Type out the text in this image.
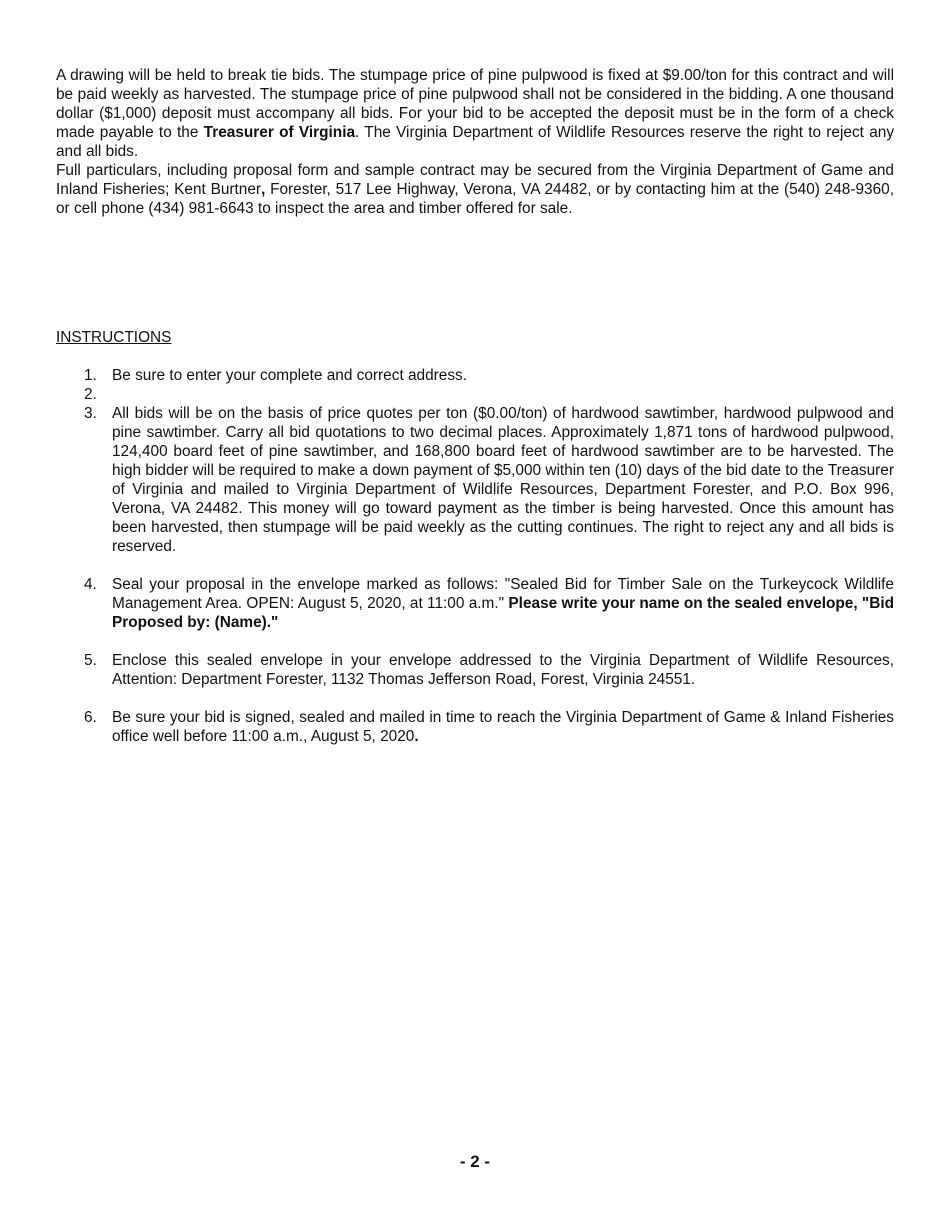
A drawing will be held to break tie bids. The stumpage price of pine pulpwood is fixed at $9.00/ton for this contract and will be paid weekly as harvested. The stumpage price of pine pulpwood shall not be considered in the bidding. A one thousand dollar ($1,000) deposit must accompany all bids. For your bid to be accepted the deposit must be in the form of a check made payable to the Treasurer of Virginia. The Virginia Department of Wildlife Resources reserve the right to reject any and all bids.

Full particulars, including proposal form and sample contract may be secured from the Virginia Department of Game and Inland Fisheries; Kent Burtner, Forester, 517 Lee Highway, Verona, VA 24482, or by contacting him at the (540) 248-9360, or cell phone (434) 981-6643 to inspect the area and timber offered for sale.

INSTRUCTIONS

1. Be sure to enter your complete and correct address.
2.

3. All bids will be on the basis of price quotes per ton ($0.00/ton) of hardwood sawtimber, hardwood pulpwood and pine sawtimber. Carry all bid quotations to two decimal places. Approximately 1,871 tons of hardwood pulpwood, 124,400 board feet of pine sawtimber, and 168,800 board feet of hardwood sawtimber are to be harvested. The high bidder will be required to make a down payment of $5,000 within ten (10) days of the bid date to the Treasurer of Virginia and mailed to Virginia Department of Wildlife Resources, Department Forester, and P.O. Box 996, Verona, VA 24482. This money will go toward payment as the timber is being harvested. Once this amount has been harvested, then stumpage will be paid weekly as the cutting continues. The right to reject any and all bids is reserved.
4. Seal your proposal in the envelope marked as follows: "Sealed Bid for Timber Sale on the Turkeycock Wildlife Management Area. OPEN: August 5, 2020, at 11:00 a.m." Please write your name on the sealed envelope, "Bid Proposed by: (Name)."
5. Enclose this sealed envelope in your envelope addressed to the Virginia Department of Wildlife Resources, Attention: Department Forester, 1132 Thomas Jefferson Road, Forest, Virginia 24551.
6. Be sure your bid is signed, sealed and mailed in time to reach the Virginia Department of Game & Inland Fisheries office well before 11:00 a.m., August 5, 2020.
- 2 -
